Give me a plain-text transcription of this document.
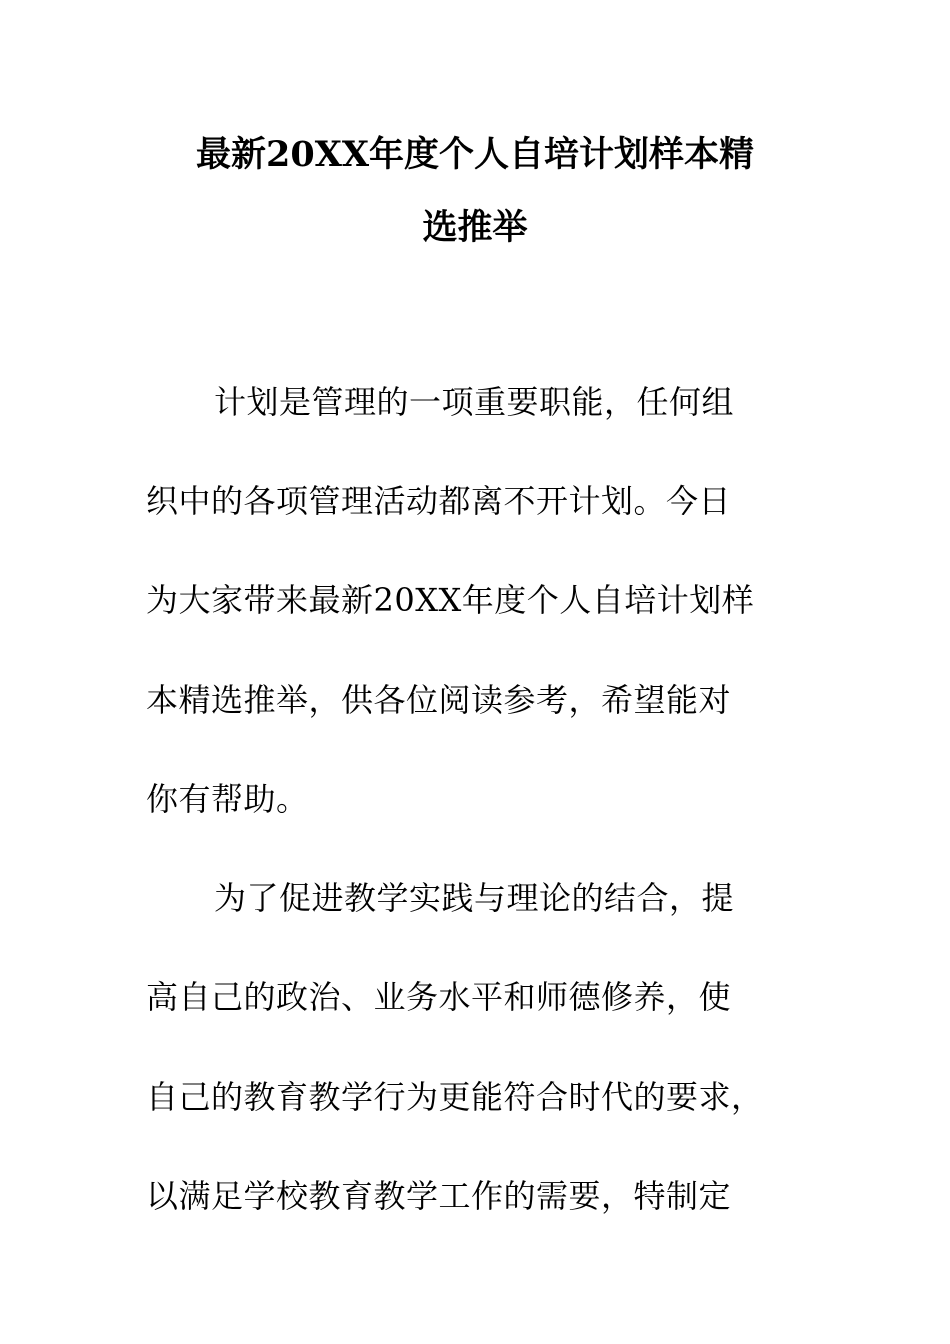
最新20XX年度个人自培计划样本精
选推举
计划是管理的一项重要职能，任何组
织中的各项管理活动都离不开计划。今日
为大家带来最新20XX年度个人自培计划样
本精选推举，供各位阅读参考，希望能对
你有帮助。
为了促进教学实践与理论的结合，提
高自己的政治、业务水平和师德修养，使
自己的教育教学行为更能符合时代的要求，
以满足学校教育教学工作的需要，特制定
